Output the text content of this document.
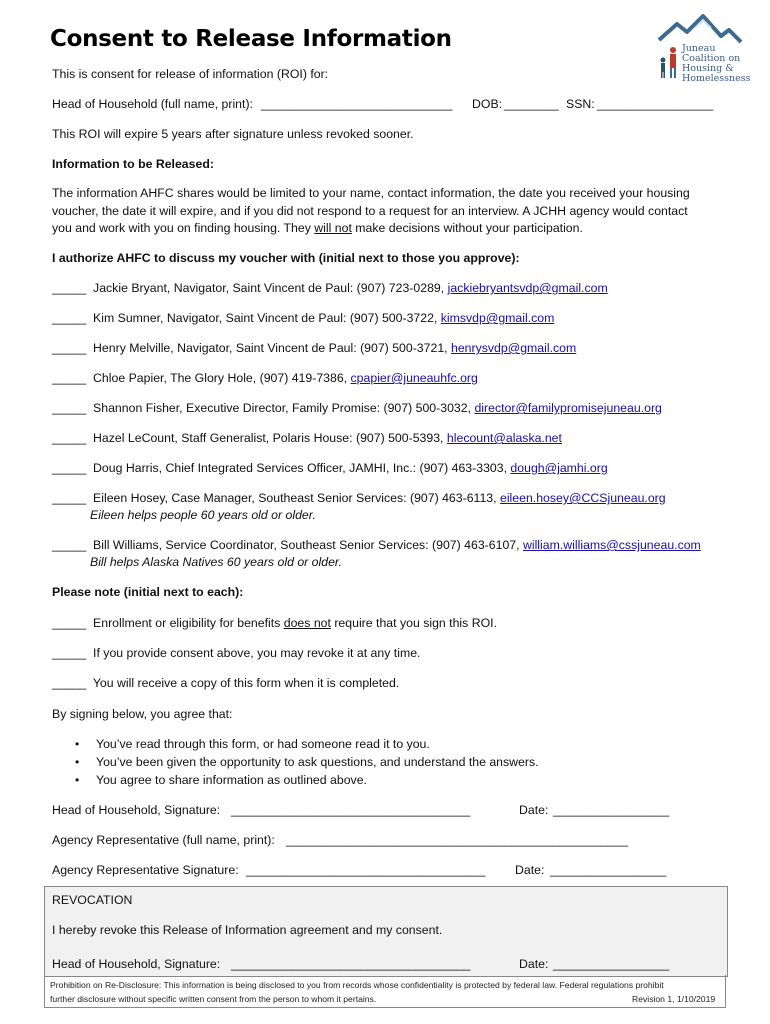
Consent to Release Information	Juneau
Coalition on
Housing &
Homelessness
This is consent for release of information (ROI) for:
Head of Household (full name, print): ____________________________ DOB: ________ SSN: _________________
This ROI will expire 5 years after signature unless revoked sooner.
Information to be Released:
The information AHFC shares would be limited to your name, contact information, the date you received your housing
voucher, the date it will expire, and if you did not respond to a request for an interview. A JCHH agency would contact
you and work with you on finding housing. They will not make decisions without your participation.
I authorize AHFC to discuss my voucher with (initial next to those you approve):
_____ Jackie Bryant, Navigator, Saint Vincent de Paul: (907) 723-0289, jackiebryantsvdp@gmail.com
_____ Kim Sumner, Navigator, Saint Vincent de Paul: (907) 500-3722, kimsvdp@gmail.com
_____ Henry Melville, Navigator, Saint Vincent de Paul: (907) 500-3721, henrysvdp@gmail.com
_____ Chloe Papier, The Glory Hole, (907) 419-7386, cpapier@juneauhfc.org
_____ Shannon Fisher, Executive Director, Family Promise: (907) 500-3032, director@familypromisejuneau.org
_____ Hazel LeCount, Staff Generalist, Polaris House: (907) 500-5393, hlecount@alaska.net
_____ Doug Harris, Chief Integrated Services Officer, JAMHI, Inc.: (907) 463-3303, dough@jamhi.org
_____ Eileen Hosey, Case Manager, Southeast Senior Services: (907) 463-6113, eileen.hosey@CCSjuneau.org
Eileen helps people 60 years old or older.
_____ Bill Williams, Service Coordinator, Southeast Senior Services: (907) 463-6107, william.williams@cssjuneau.com
Bill helps Alaska Natives 60 years old or older.
Please note (initial next to each):
_____ Enrollment or eligibility for benefits does not require that you sign this ROI.
_____ If you provide consent above, you may revoke it at any time.
_____ You will receive a copy of this form when it is completed.
By signing below, you agree that:
• You’ve read through this form, or had someone read it to you.
• You’ve been given the opportunity to ask questions, and understand the answers.
• You agree to share information as outlined above.
Head of Household, Signature: ___________________________________	Date: _________________
Agency Representative (full name, print): __________________________________________________
Agency Representative Signature: ___________________________________ Date: _________________
REVOCATION
I hereby revoke this Release of Information agreement and my consent.
Head of Household, Signature: ___________________________________	Date: _________________
Prohibition on Re-Disclosure: This information is being disclosed to you from records whose confidentiality is protected by federal law. Federal regulations prohibit
further disclosure without specific written consent from the person to whom it pertains.	Revision 1, 1/10/2019
